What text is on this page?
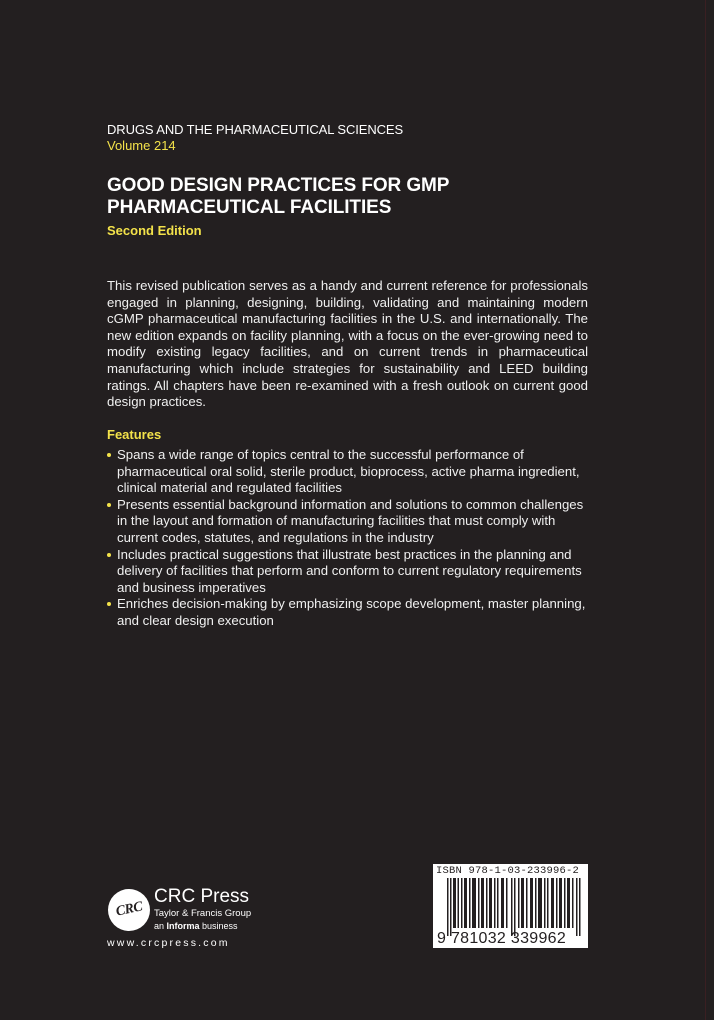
DRUGS AND THE PHARMACEUTICAL SCIENCES
Volume 214
GOOD DESIGN PRACTICES FOR GMP
PHARMACEUTICAL FACILITIES
Second Edition
This revised publication serves as a handy and current reference for professionals engaged in planning, designing, building, validating and maintaining modern cGMP pharmaceutical manufacturing facilities in the U.S. and internationally. The new edition expands on facility planning, with a focus on the ever-growing need to modify existing legacy facilities, and on current trends in pharmaceutical manufacturing which include strategies for sustainability and LEED building ratings. All chapters have been re-examined with a fresh outlook on current good design practices.
Features
Spans a wide range of topics central to the successful performance of pharmaceutical oral solid, sterile product, bioprocess, active pharma ingredient, clinical material and regulated facilities
Presents essential background information and solutions to common challenges in the layout and formation of manufacturing facilities that must comply with current codes, statutes, and regulations in the industry
Includes practical suggestions that illustrate best practices in the planning and delivery of facilities that perform and conform to current regulatory requirements and business imperatives
Enriches decision-making by emphasizing scope development, master planning, and clear design execution
CRC
CRC Press
Taylor & Francis Group
an Informa business
www.crcpress.com
ISBN 978-1-03-233996-2
9 781032 339962
